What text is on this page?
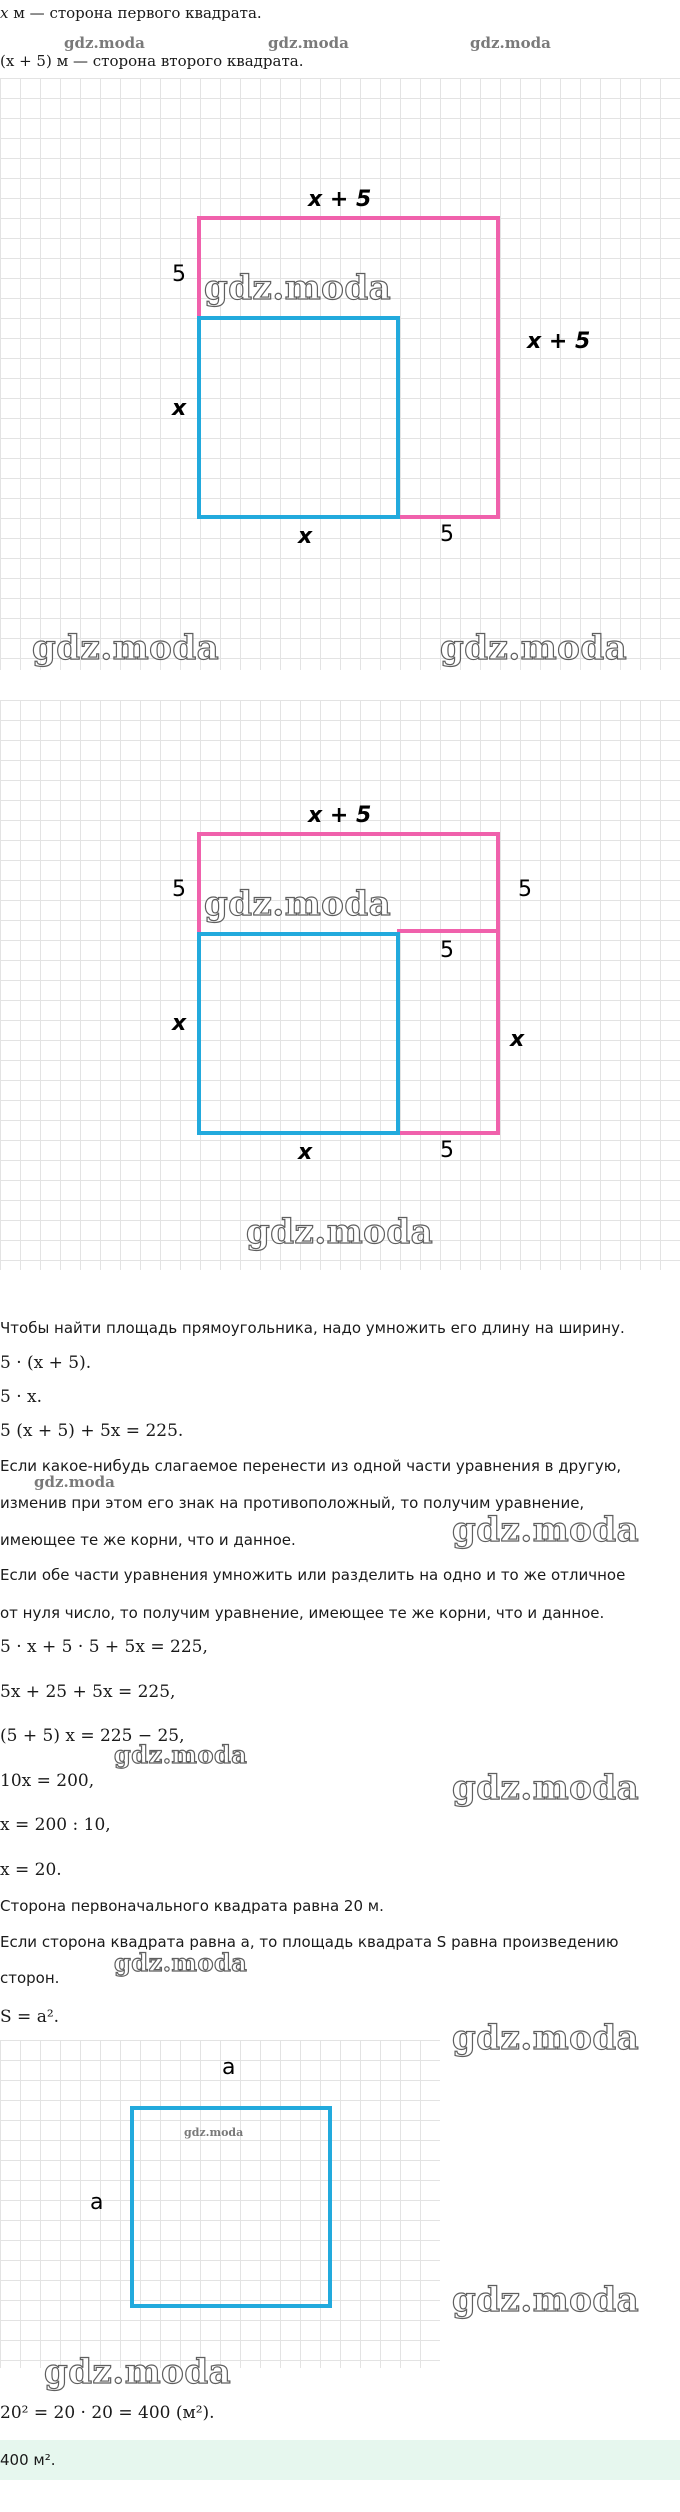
x м — сторона первого квадрата.
(x + 5) м — сторона второго квадрата.
x + 5
5
x + 5
x
x	5
x + 5
5	5
5
x
x
x	5
Чтобы найти площадь прямоугольника, надо умножить его длину на ширину.
5 · (x + 5).
5 · x.
5 (x + 5) + 5x = 225.
Если какое-нибудь слагаемое перенести из одной части уравнения в другую,
изменив при этом его знак на противоположный, то получим уравнение,
имеющее те же корни, что и данное.
Если обе части уравнения умножить или разделить на одно и то же отличное
от нуля число, то получим уравнение, имеющее те же корни, что и данное.
5 · x + 5 · 5 + 5x = 225,
5x + 25 + 5x = 225,
(5 + 5) x = 225 − 25,
10x = 200,
x = 200 : 10,
x = 20.
Сторона первоначального квадрата равна 20 м.
Если сторона квадрата равна a, то площадь квадрата S равна произведению
сторон.
S = a².
a
a
20² = 20 · 20 = 400 (м²).
400 м².
gdz.moda	gdz.moda	gdz.moda
gdz.moda
gdz.moda	gdz.moda
gdz.moda
gdz.moda
gdz.moda
gdz.moda
gdz.moda
gdz.moda
gdz.moda
gdz.moda
gdz.moda
gdz.moda
gdz.moda
